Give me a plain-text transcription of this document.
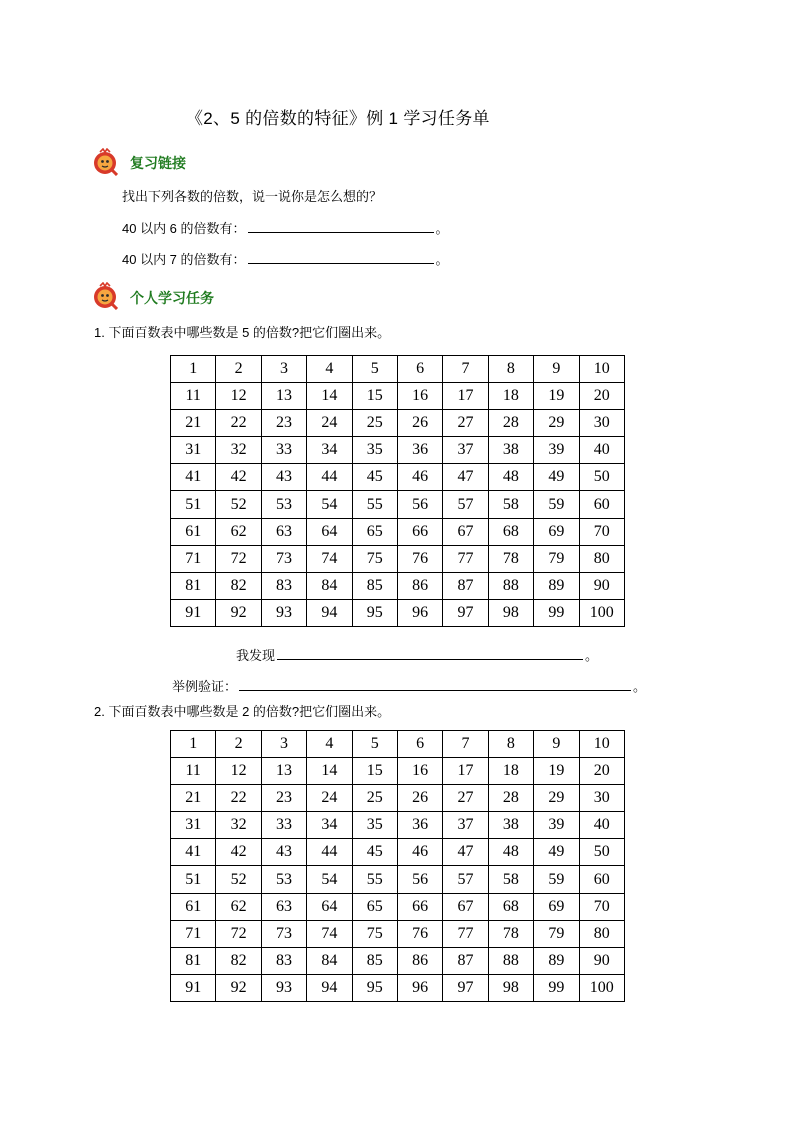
《2、5 的倍数的特征》例 1 学习任务单
复习链接
找出下列各数的倍数，说一说你是怎么想的？
40 以内 6 的倍数有：	。
40 以内 7 的倍数有：	。
个人学习任务
1. 下面百数表中哪些数是 5 的倍数?把它们圈出来。
1	2	3	4	5	6	7	8	9	10
11	12	13	14	15	16	17	18	19	20
21	22	23	24	25	26	27	28	29	30
31	32	33	34	35	36	37	38	39	40
41	42	43	44	45	46	47	48	49	50
51	52	53	54	55	56	57	58	59	60
61	62	63	64	65	66	67	68	69	70
71	72	73	74	75	76	77	78	79	80
81	82	83	84	85	86	87	88	89	90
91	92	93	94	95	96	97	98	99	100
我发现	。
举例验证：	。
2. 下面百数表中哪些数是 2 的倍数?把它们圈出来。
1	2	3	4	5	6	7	8	9	10
11	12	13	14	15	16	17	18	19	20
21	22	23	24	25	26	27	28	29	30
31	32	33	34	35	36	37	38	39	40
41	42	43	44	45	46	47	48	49	50
51	52	53	54	55	56	57	58	59	60
61	62	63	64	65	66	67	68	69	70
71	72	73	74	75	76	77	78	79	80
81	82	83	84	85	86	87	88	89	90
91	92	93	94	95	96	97	98	99	100
